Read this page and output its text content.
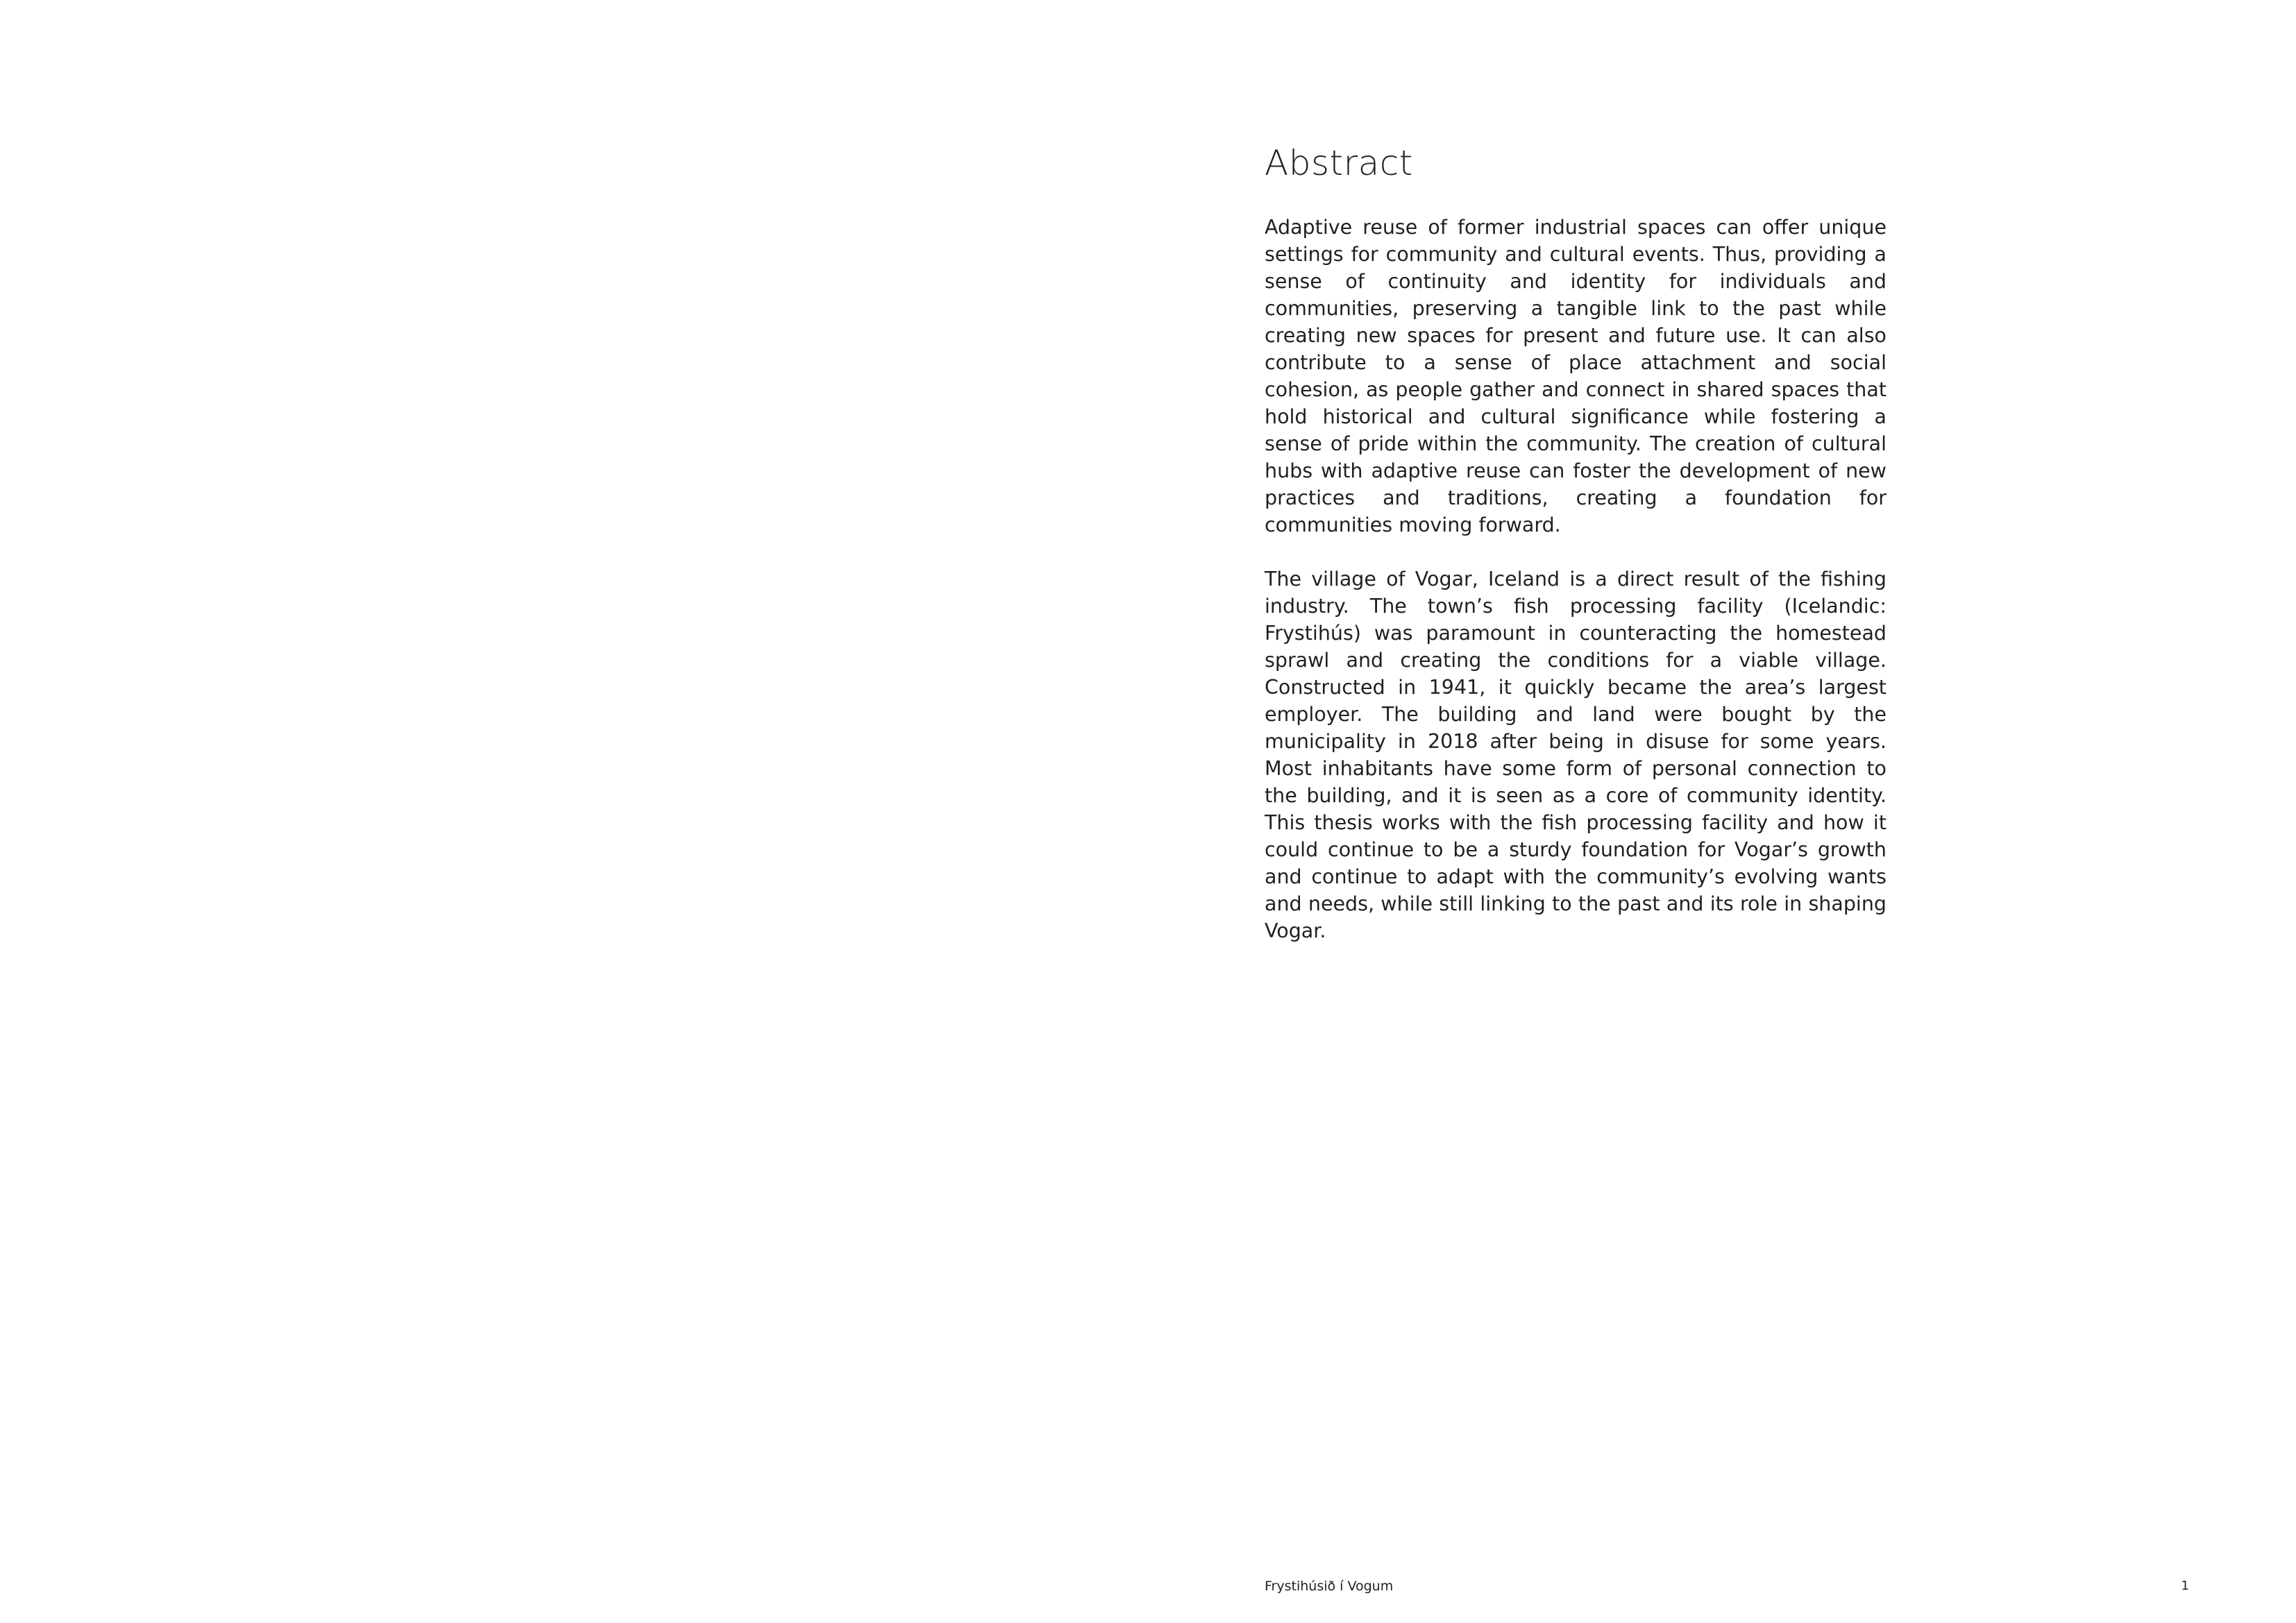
Abstract

Adaptive reuse of former industrial spaces can offer unique settings for community and cultural events. Thus, providing a sense of continuity and identity for individuals and communities, preserving a tangible link to the past while creating new spaces for present and future use. It can also contribute to a sense of place attachment and social cohesion, as people gather and connect in shared spaces that hold historical and cultural significance while fostering a sense of pride within the community. The creation of cultural hubs with adaptive reuse can foster the development of new practices and traditions, creating a foundation for communities moving forward.

The village of Vogar, Iceland is a direct result of the fishing industry. The town’s fish processing facility (Icelandic: Frystihús) was paramount in counteracting the homestead sprawl and creating the conditions for a viable village. Constructed in 1941, it quickly became the area’s largest employer. The building and land were bought by the municipality in 2018 after being in disuse for some years. Most inhabitants have some form of personal connection to the building, and it is seen as a core of community identity. This thesis works with the fish processing facility and how it could continue to be a sturdy foundation for Vogar’s growth and continue to adapt with the community’s evolving wants and needs, while still linking to the past and its role in shaping Vogar.

Frystihúsið í Vogum	1
